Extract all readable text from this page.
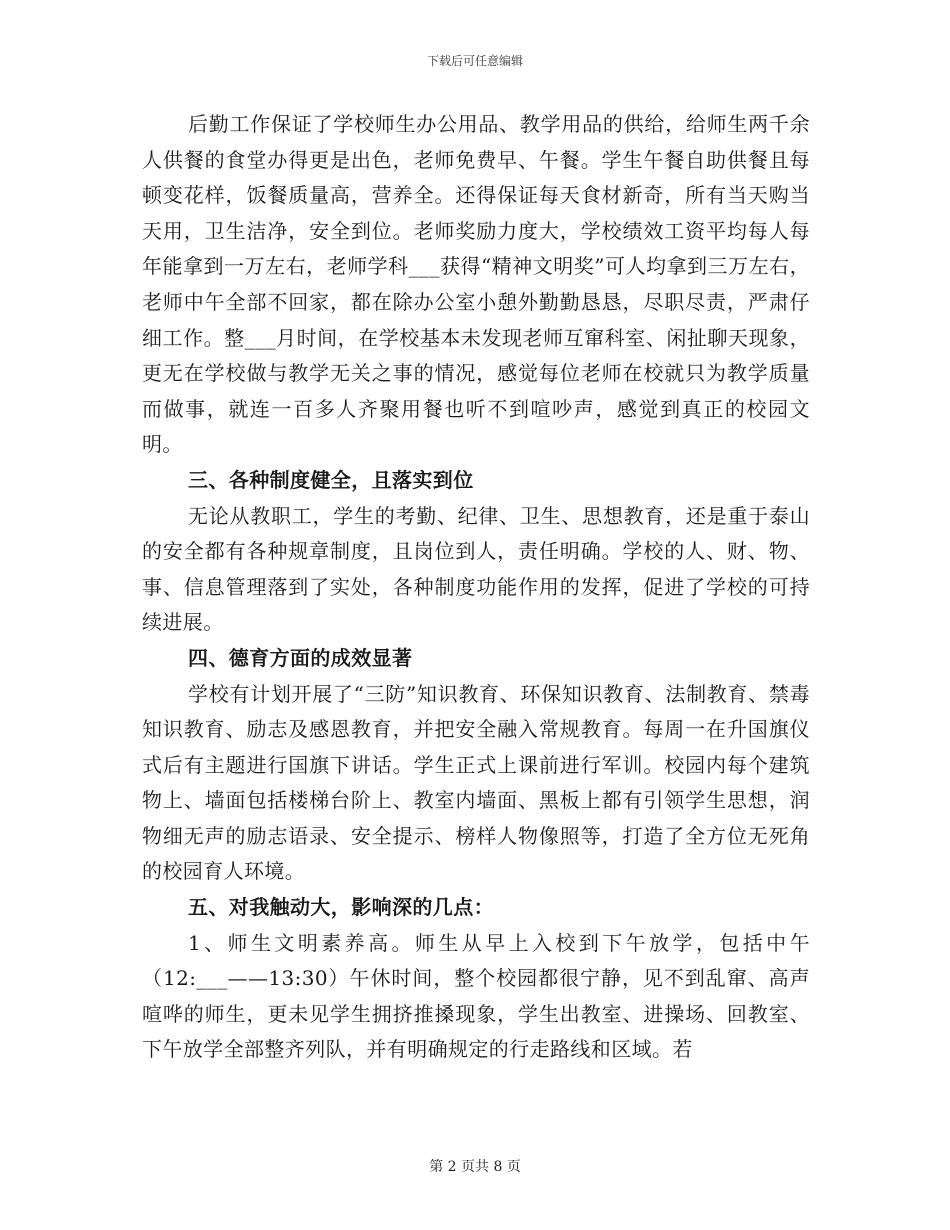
下载后可任意编辑

后勤工作保证了学校师生办公用品、教学用品的供给，给师生两千余人供餐的食堂办得更是出色，老师免费早、午餐。学生午餐自助供餐且每顿变花样，饭餐质量高，营养全。还得保证每天食材新奇，所有当天购当天用，卫生洁净，安全到位。老师奖励力度大，学校绩效工资平均每人每年能拿到一万左右，老师学科___获得“精神文明奖”可人均拿到三万左右，老师中午全部不回家，都在除办公室小憩外勤勤恳恳，尽职尽责，严肃仔细工作。整___月时间，在学校基本未发现老师互窜科室、闲扯聊天现象，更无在学校做与教学无关之事的情况，感觉每位老师在校就只为教学质量而做事，就连一百多人齐聚用餐也听不到喧吵声，感觉到真正的校园文明。

三、各种制度健全，且落实到位

无论从教职工，学生的考勤、纪律、卫生、思想教育，还是重于泰山的安全都有各种规章制度，且岗位到人，责任明确。学校的人、财、物、事、信息管理落到了实处，各种制度功能作用的发挥，促进了学校的可持续进展。

四、德育方面的成效显著

学校有计划开展了“三防”知识教育、环保知识教育、法制教育、禁毒知识教育、励志及感恩教育，并把安全融入常规教育。每周一在升国旗仪式后有主题进行国旗下讲话。学生正式上课前进行军训。校园内每个建筑物上、墙面包括楼梯台阶上、教室内墙面、黑板上都有引领学生思想，润物细无声的励志语录、安全提示、榜样人物像照等，打造了全方位无死角的校园育人环境。

五、对我触动大，影响深的几点：

1、师生文明素养高。师生从早上入校到下午放学，包括中午（12:___——13:30）午休时间，整个校园都很宁静，见不到乱窜、高声喧哗的师生，更未见学生拥挤推搡现象，学生出教室、进操场、回教室、下午放学全部整齐列队，并有明确规定的行走路线和区域。若

第 2 页共 8 页
